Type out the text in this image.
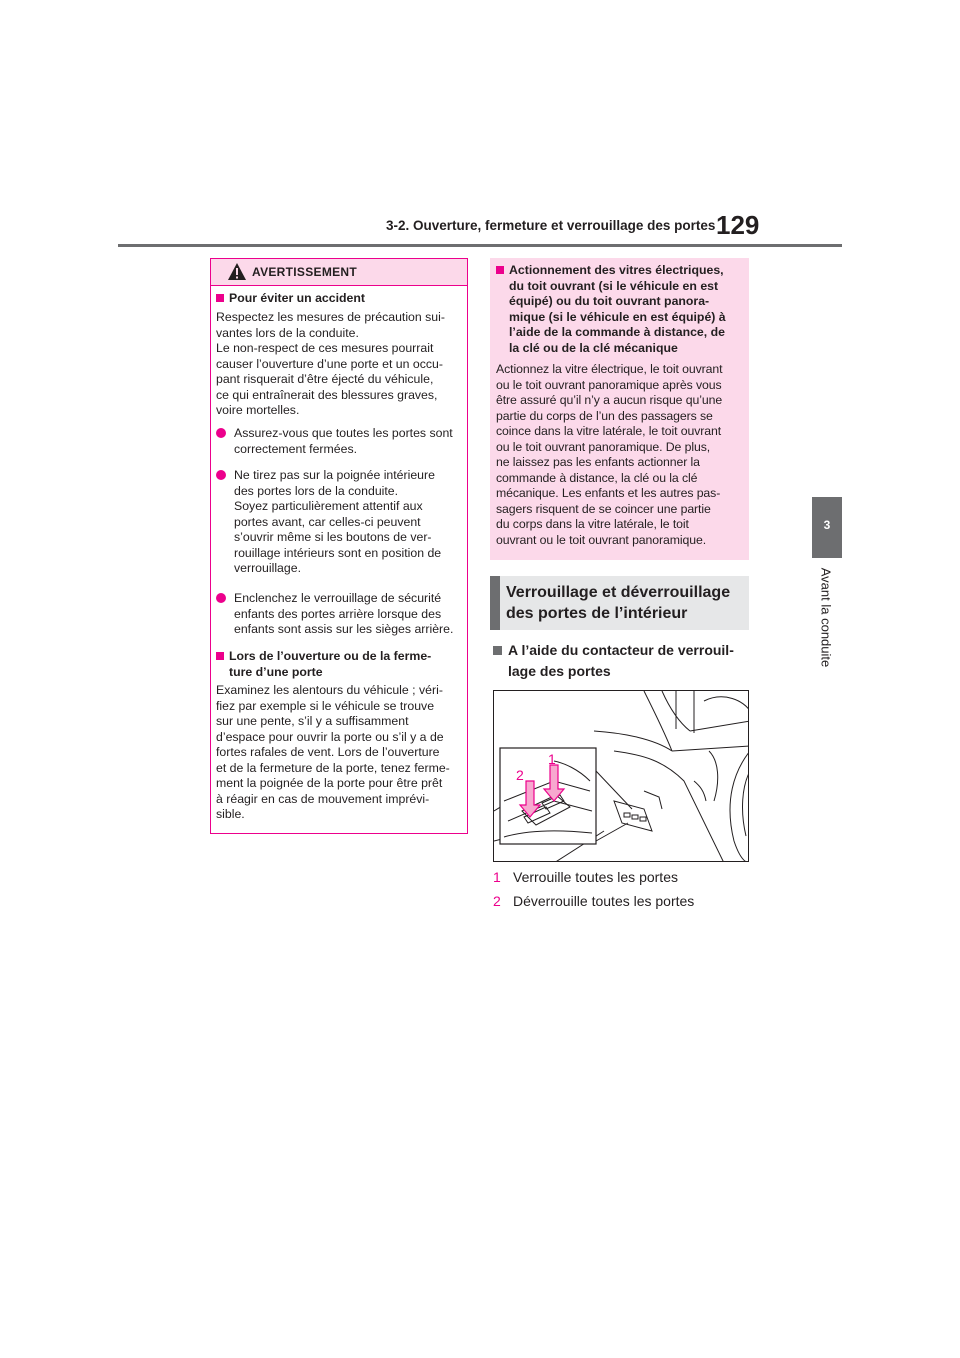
3-2. Ouverture, fermeture et verrouillage des portes 129
3
Avant la conduite
AVERTISSEMENT
Pour éviter un accident
Respectez les mesures de précaution sui-
vantes lors de la conduite.
Le non-respect de ces mesures pourrait
causer l’ouverture d’une porte et un occu-
pant risquerait d’être éjecté du véhicule,
ce qui entraînerait des blessures graves,
voire mortelles.
Assurez-vous que toutes les portes sont
correctement fermées.
Ne tirez pas sur la poignée intérieure
des portes lors de la conduite.
Soyez particulièrement attentif aux
portes avant, car celles-ci peuvent
s’ouvrir même si les boutons de ver-
rouillage intérieurs sont en position de
verrouillage.
Enclenchez le verrouillage de sécurité
enfants des portes arrière lorsque des
enfants sont assis sur les sièges arrière.
Lors de l’ouverture ou de la ferme-
ture d’une porte
Examinez les alentours du véhicule ; véri-
fiez par exemple si le véhicule se trouve
sur une pente, s’il y a suffisamment
d’espace pour ouvrir la porte ou s’il y a de
fortes rafales de vent. Lors de l’ouverture
et de la fermeture de la porte, tenez ferme-
ment la poignée de la porte pour être prêt
à réagir en cas de mouvement imprévi-
sible.
Actionnement des vitres électriques,
du toit ouvrant (si le véhicule en est
équipé) ou du toit ouvrant panora-
mique (si le véhicule en est équipé) à
l’aide de la commande à distance, de
la clé ou de la clé mécanique
Actionnez la vitre électrique, le toit ouvrant
ou le toit ouvrant panoramique après vous
être assuré qu’il n’y a aucun risque qu’une
partie du corps de l’un des passagers se
coince dans la vitre latérale, le toit ouvrant
ou le toit ouvrant panoramique. De plus,
ne laissez pas les enfants actionner la
commande à distance, la clé ou la clé
mécanique. Les enfants et les autres pas-
sagers risquent de se coincer une partie
du corps dans la vitre latérale, le toit
ouvrant ou le toit ouvrant panoramique.
Verrouillage et déverrouillage
des portes de l’intérieur
A l’aide du contacteur de verrouil-
lage des portes
1
2
1 Verrouille toutes les portes
2 Déverrouille toutes les portes
